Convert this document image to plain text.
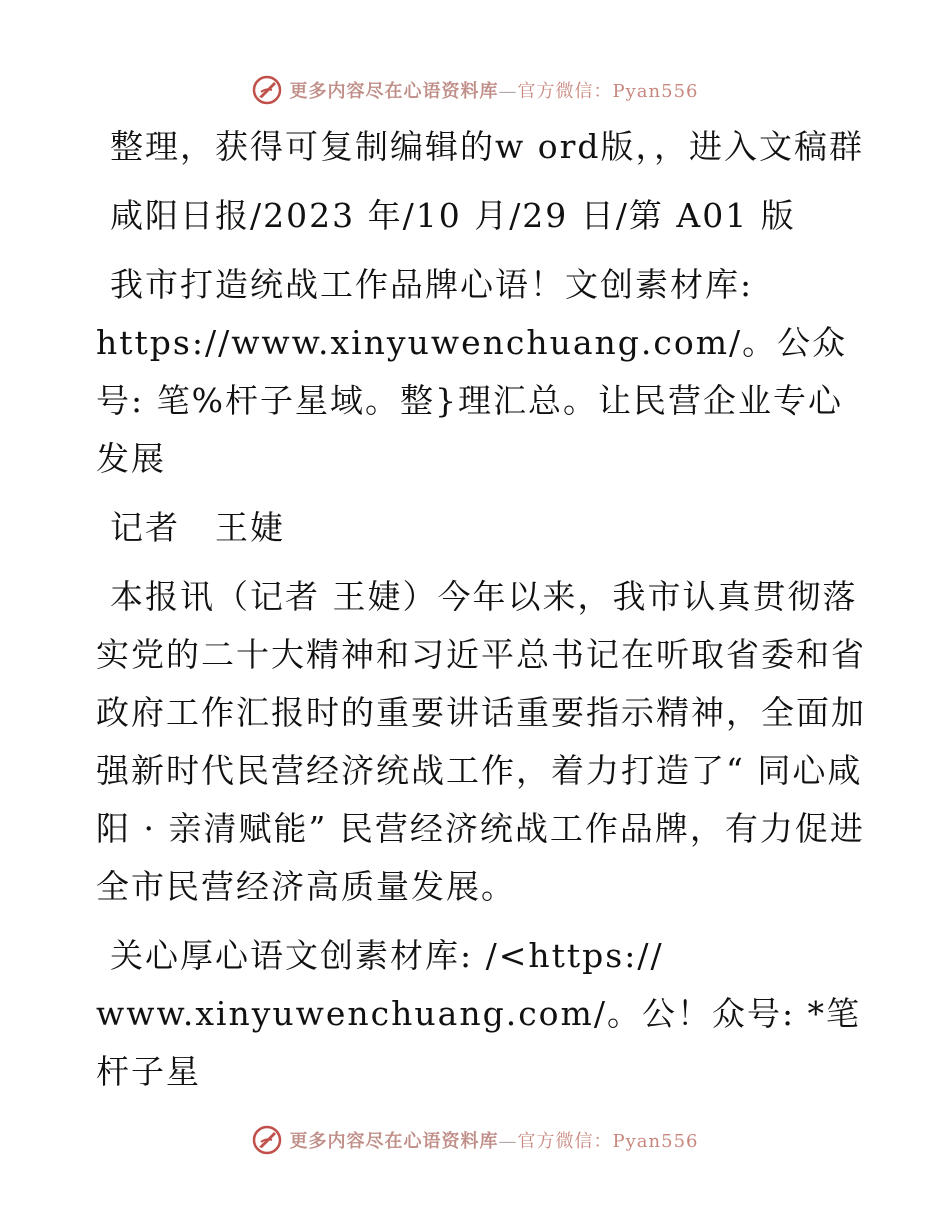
更多内容尽在心语资料库—官方微信：Pyan556

整理，获得可复制编辑的w ord版，，进入文稿群

咸阳日报/2023 年/10 月/29 日/第 A01 版

我市打造统战工作品牌心语！文创素材库:
https://www.xinyuwenchuang.com/。公众号: 笔%杆子星域。整}理汇总。让民营企业专心发展

记者　王婕

本报讯（记者 王婕）今年以来，我市认真贯彻落实党的二十大精神和习近平总书记在听取省委和省政府工作汇报时的重要讲话重要指示精神，全面加强新时代民营经济统战工作，着力打造了“ 同心咸阳 · 亲清赋能” 民营经济统战工作品牌，有力促进全市民营经济高质量发展。

关心厚心语文创素材库: /<https://
www.xinyuwenchuang.com/。公！众号: *笔杆子星

更多内容尽在心语资料库—官方微信：Pyan556
